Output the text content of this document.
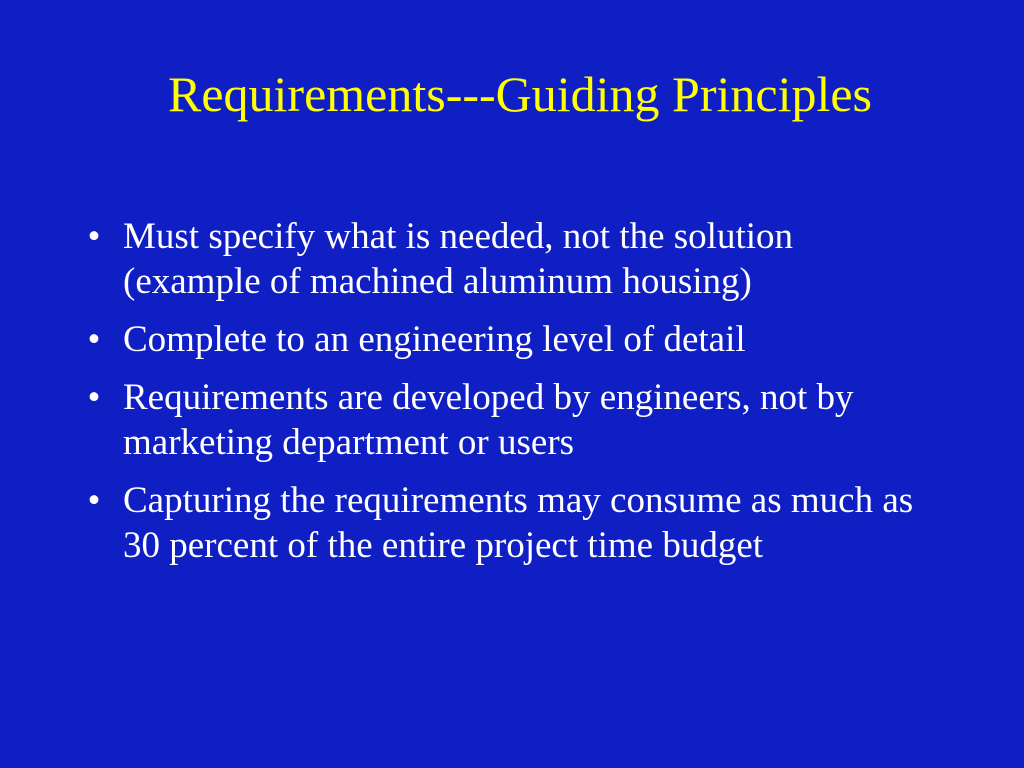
Requirements---Guiding Principles
• Must specify what is needed, not the solution (example of machined aluminum housing)
• Complete to an engineering level of detail
• Requirements are developed by engineers, not by marketing department or users
• Capturing the requirements may consume as much as 30 percent of the entire project time budget
